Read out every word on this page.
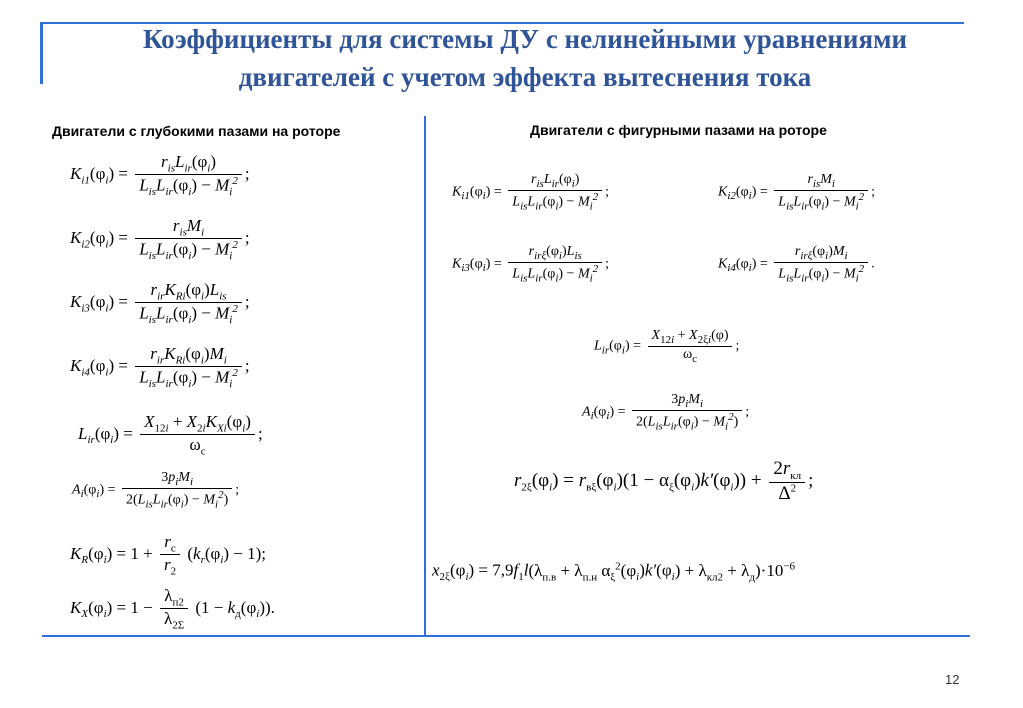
Коэффициенты для системы ДУ с нелинейными уравнениями
двигателей с учетом эффекта вытеснения тока
Двигатели с глубокими пазами на роторе	Двигатели с фигурными пазами на роторе
$K_{i1}(\varphi_i) = \frac{r_{is}L_{ir}(\varphi_i)}{L_{is}L_{ir}(\varphi_i) - M_i^2}$ ;
$K_{i2}(\varphi_i) = \frac{r_{is}M_i}{L_{is}L_{ir}(\varphi_i) - M_i^2}$ ;
$K_{i3}(\varphi_i) = \frac{r_{ir}K_{Ri}(\varphi_i)L_{is}}{L_{is}L_{ir}(\varphi_i) - M_i^2}$ ;
$K_{i4}(\varphi_i) = \frac{r_{ir}K_{Ri}(\varphi_i)M_i}{L_{is}L_{ir}(\varphi_i) - M_i^2}$ ;
$L_{ir}(\varphi_i) = \frac{X_{12i} + X_{2i}K_{Xi}(\varphi_i)}{\omega_c}$ ;
$A_i(\varphi_i) = \frac{3p_iM_i}{2(L_{is}L_{ir}(\varphi_i) - M_i^2)}$ ;
$K_R(\varphi_i) = 1 + \frac{r_c}{r_2} (k_r(\varphi_i) - 1)$;
$K_X(\varphi_i) = 1 - \frac{\lambda_{п2}}{\lambda_{2\Sigma}} (1 - k_д(\varphi_i))$.
$K_{i1}(\varphi_i) = \frac{r_{is}L_{ir}(\varphi_i)}{L_{is}L_{ir}(\varphi_i) - M_i^2}$ ;	$K_{i2}(\varphi_i) = \frac{r_{is}M_i}{L_{is}L_{ir}(\varphi_i) - M_i^2}$ ;
$K_{i3}(\varphi_i) = \frac{r_{ir\xi}(\varphi_i)L_{is}}{L_{is}L_{ir}(\varphi_i) - M_i^2}$ ;	$K_{i4}(\varphi_i) = \frac{r_{ir\xi}(\varphi_i)M_i}{L_{is}L_{ir}(\varphi_i) - M_i^2}$ .
$L_{ir}(\varphi_i) = \frac{X_{12i} + X_{2\xi i}(\varphi)}{\omega_c}$ ;
$A_i(\varphi_i) = \frac{3p_iM_i}{2(L_{is}L_{ir}(\varphi_i) - M_i^2)}$ ;
$r_{2\xi}(\varphi_i) = r_{в\xi}(\varphi_i)(1 - \alpha_\xi(\varphi_i)k'(\varphi_i)) + \frac{2r_{кл}}{\Delta^2}$ ;
$x_{2\xi}(\varphi_i) = 7,9f_1l(\lambda_{п.в} + \lambda_{п.н}$ $\alpha_\xi^2(\varphi_i)k'(\varphi_i) + \lambda_{кл2} + \lambda_д)\cdot 10^{-6}$
12
